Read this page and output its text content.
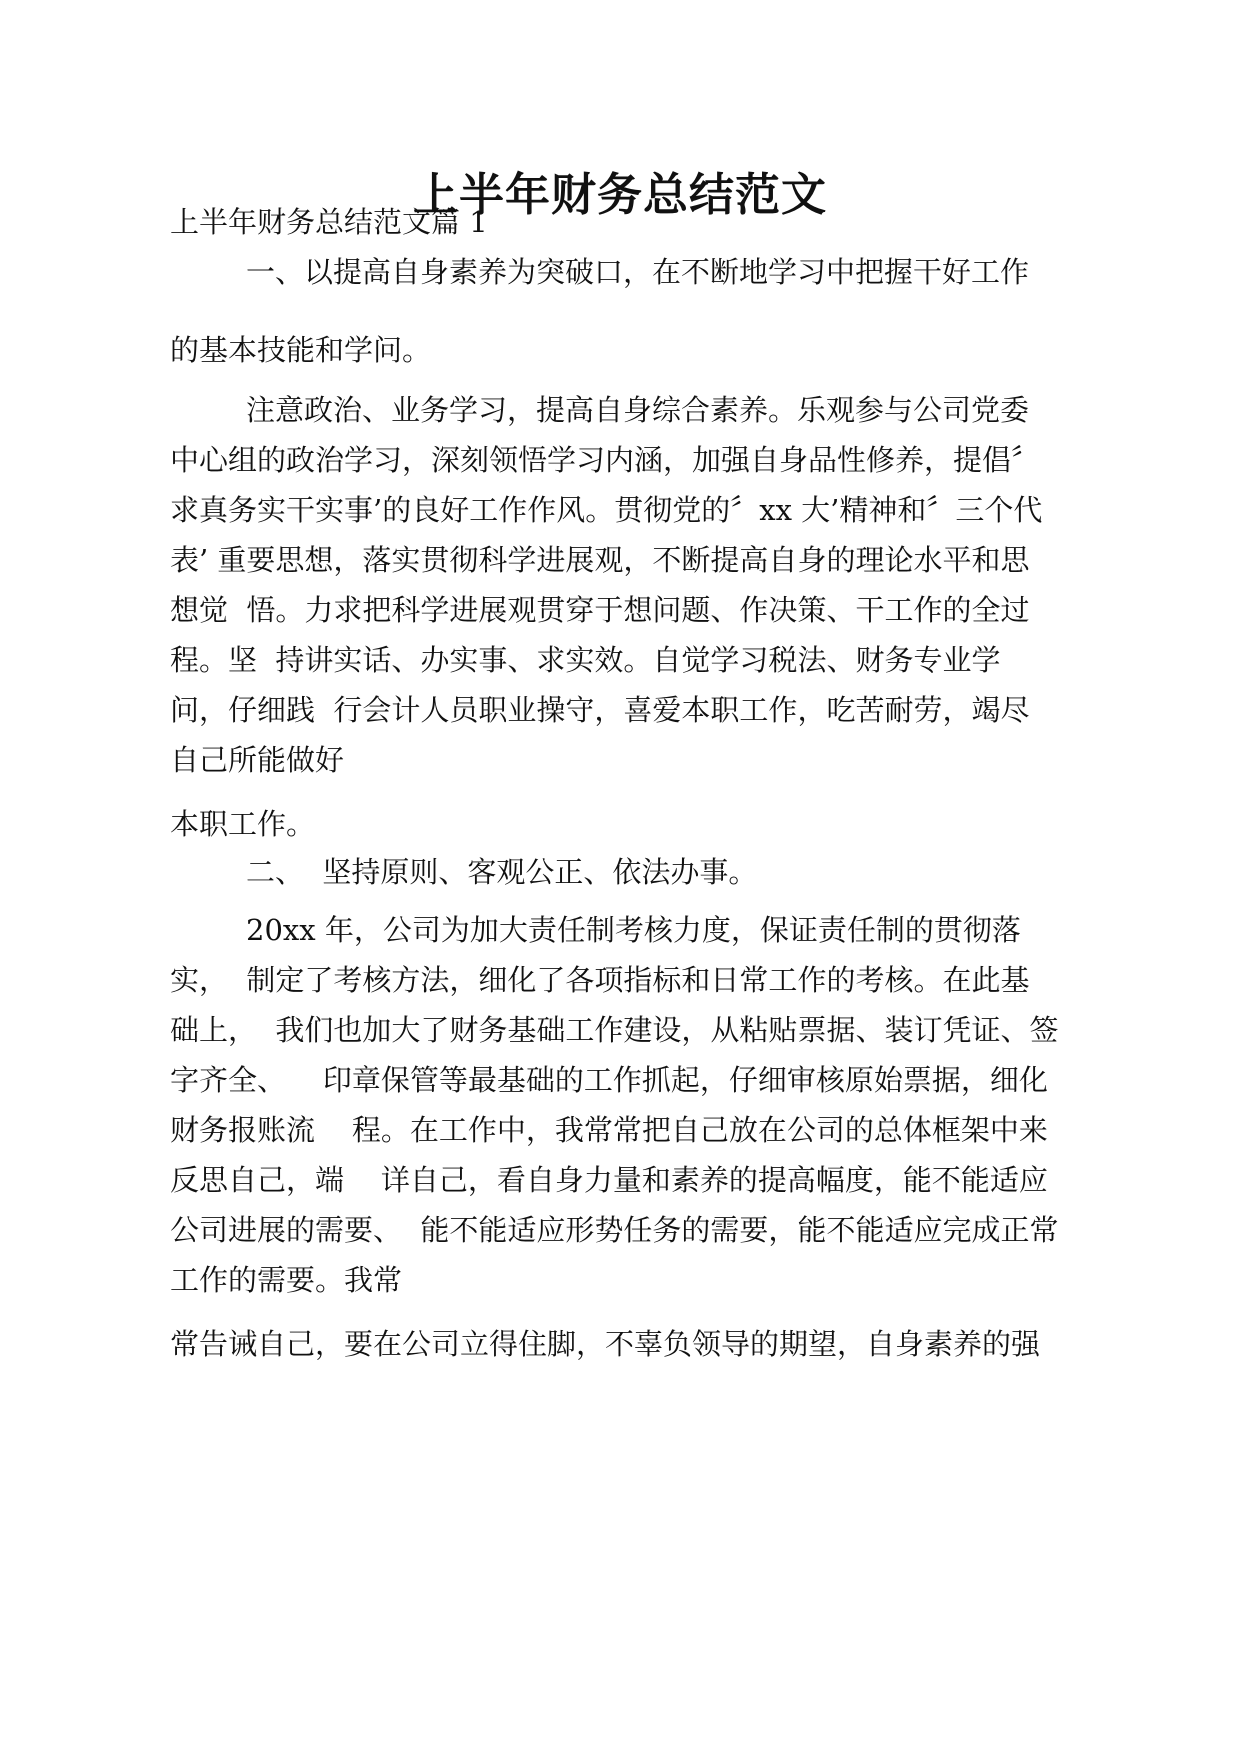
上半年财务总结范文
上半年财务总结范文篇 1
一、以提高自身素养为突破口，在不断地学习中把握干好工作
的基本技能和学问。
注意政治、业务学习，提高自身综合素养。乐观参与公司党委
中心组的政治学习，深刻领悟学习内涵，加强自身品性修养，提倡〞
求真务实干实事’的良好工作作风。贯彻党的〞xx 大’精神和〞三个代
表’ 重要思想，落实贯彻科学进展观，不断提高自身的理论水平和思
想觉  悟。力求把科学进展观贯穿于想问题、作决策、干工作的全过
程。坚  持讲实话、办实事、求实效。自觉学习税法、财务专业学
问，仔细践  行会计人员职业操守，喜爱本职工作，吃苦耐劳，竭尽
自己所能做好
本职工作。
二、  坚持原则、客观公正、依法办事。
20xx 年，公司为加大责任制考核力度，保证责任制的贯彻落
实，  制定了考核方法，细化了各项指标和日常工作的考核。在此基
础上，  我们也加大了财务基础工作建设，从粘贴票据、装订凭证、签
字齐全、    印章保管等最基础的工作抓起，仔细审核原始票据，细化
财务报账流    程。在工作中，我常常把自己放在公司的总体框架中来
反思自己，端    详自己，看自身力量和素养的提高幅度，能不能适应
公司进展的需要、  能不能适应形势任务的需要，能不能适应完成正常
工作的需要。我常
常告诫自己，要在公司立得住脚，不辜负领导的期望，自身素养的强
